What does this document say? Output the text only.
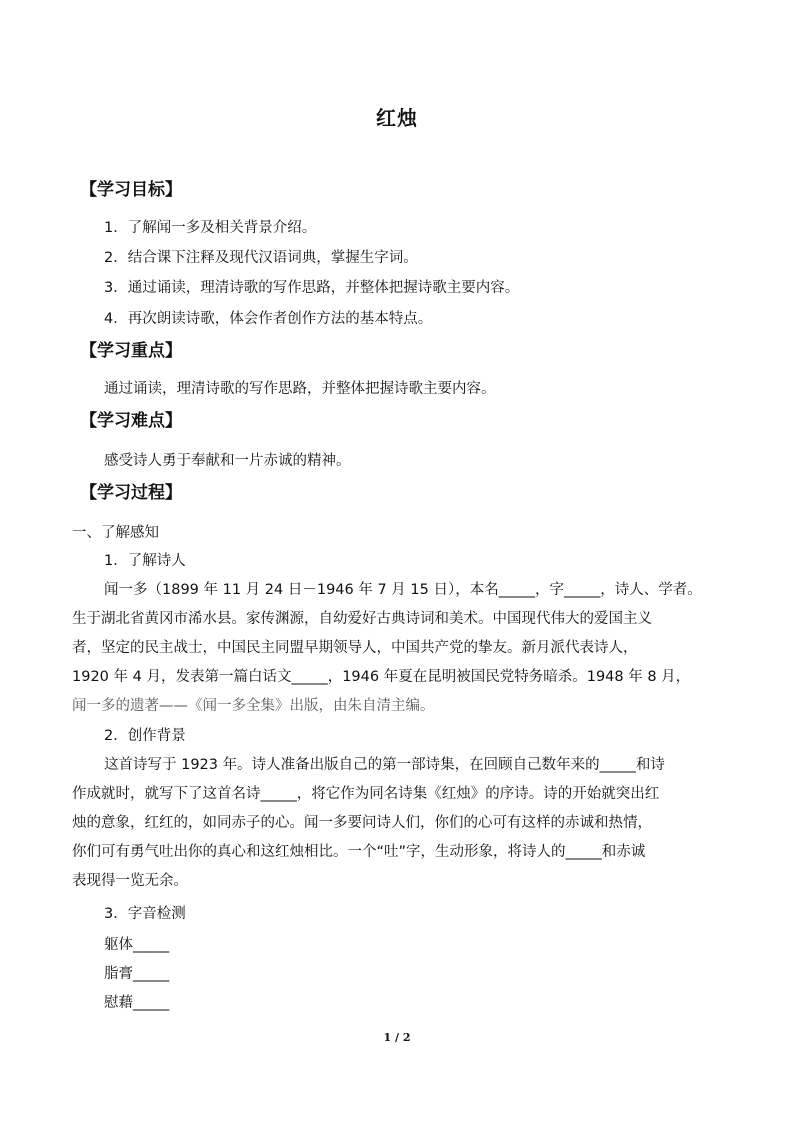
红烛
【学习目标】
1．了解闻一多及相关背景介绍。
2．结合课下注释及现代汉语词典，掌握生字词。
3．通过诵读，理清诗歌的写作思路，并整体把握诗歌主要内容。
4．再次朗读诗歌，体会作者创作方法的基本特点。
【学习重点】
通过诵读，理清诗歌的写作思路，并整体把握诗歌主要内容。
【学习难点】
感受诗人勇于奉献和一片赤诚的精神。
【学习过程】
一、了解感知
1．了解诗人
闻一多（1899 年 11 月 24 日－1946 年 7 月 15 日），本名_____，字_____，诗人、学者。
生于湖北省黄冈市浠水县。家传渊源，自幼爱好古典诗词和美术。中国现代伟大的爱国主义
者，坚定的民主战士，中国民主同盟早期领导人，中国共产党的挚友。新月派代表诗人，
1920 年 4 月，发表第一篇白话文_____，1946 年夏在昆明被国民党特务暗杀。1948 年 8 月，
闻一多的遗著——《闻一多全集》出版，由朱自清主编。
2．创作背景
这首诗写于 1923 年。诗人准备出版自己的第一部诗集，在回顾自己数年来的_____和诗
作成就时，就写下了这首名诗_____，将它作为同名诗集《红烛》的序诗。诗的开始就突出红
烛的意象，红红的，如同赤子的心。闻一多要问诗人们，你们的心可有这样的赤诚和热情，
你们可有勇气吐出你的真心和这红烛相比。一个“吐”字，生动形象，将诗人的_____和赤诚
表现得一览无余。
3．字音检测
躯体_____
脂膏_____
慰藉_____
1 / 2
